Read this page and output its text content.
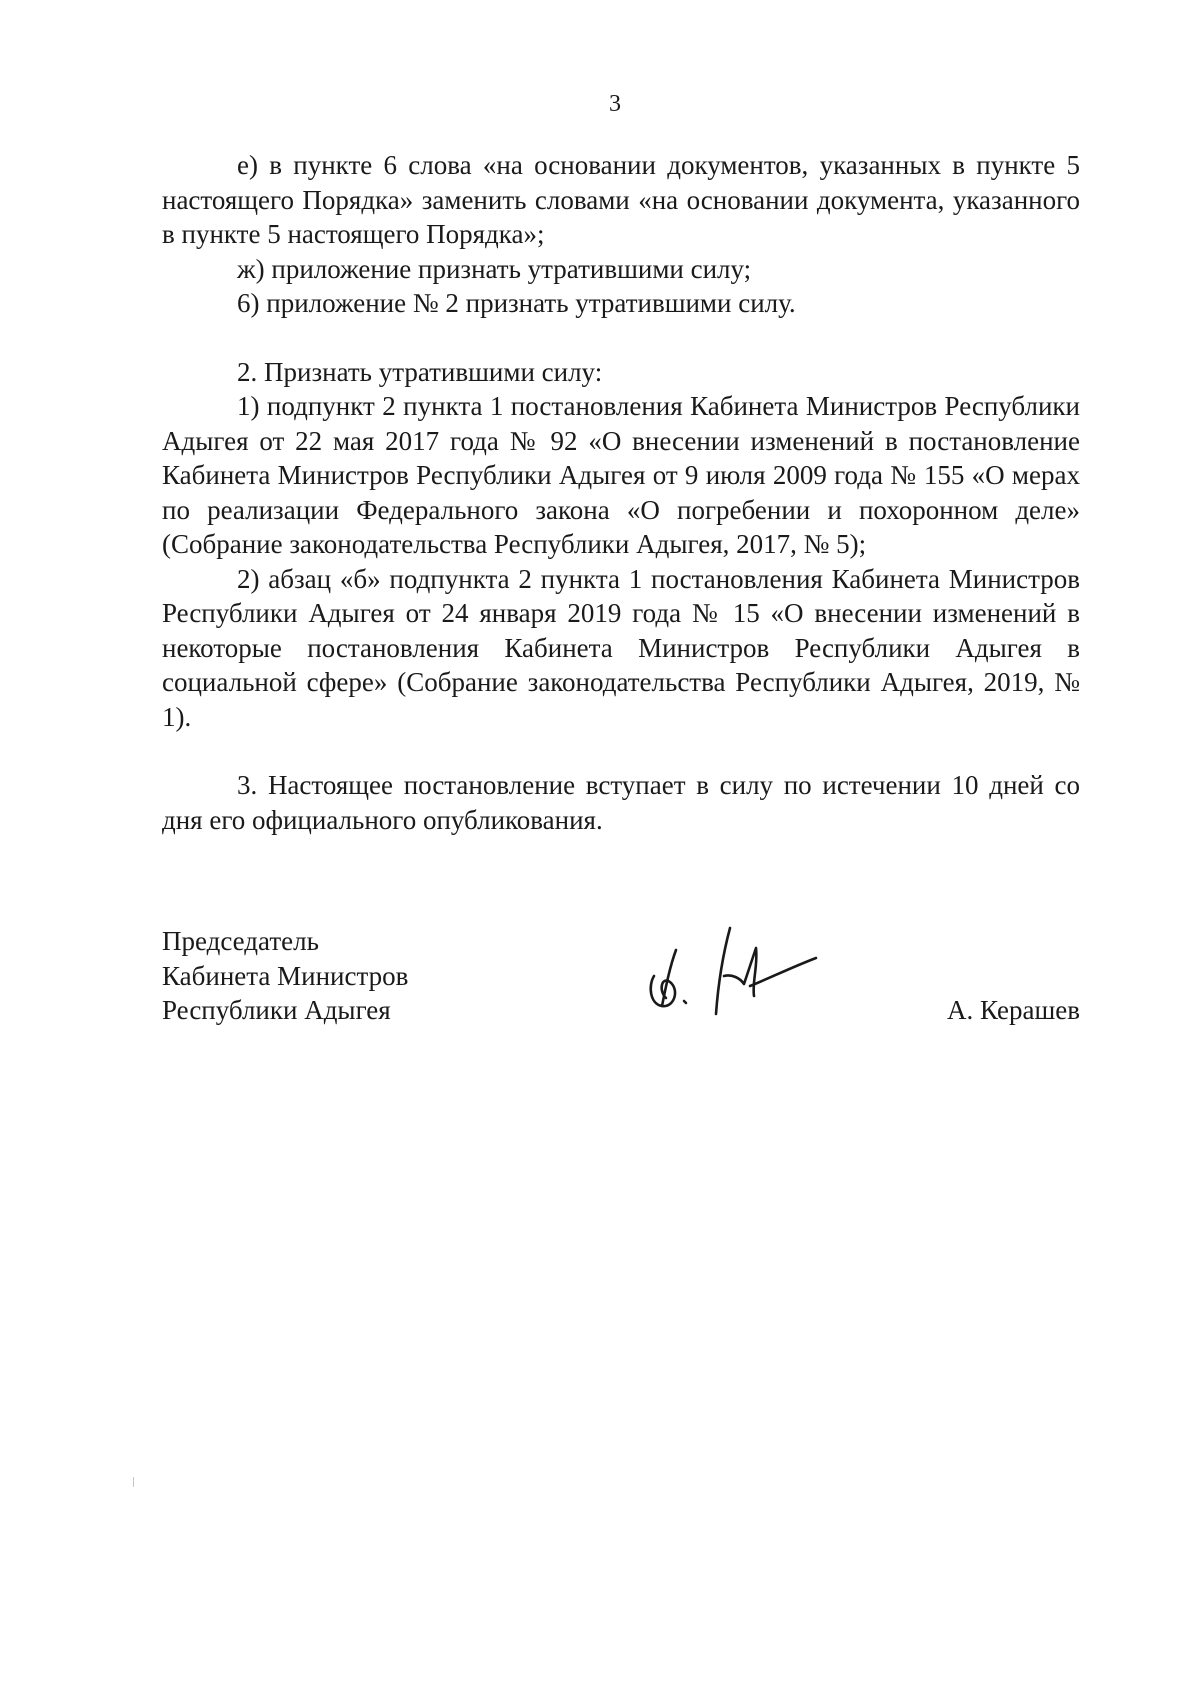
3

е) в пункте 6 слова «на основании документов, указанных в пункте 5 настоящего Порядка» заменить словами «на основании документа, указанного в пункте 5 настоящего Порядка»;

ж) приложение признать утратившими силу;

6) приложение № 2 признать утратившими силу.

2. Признать утратившими силу:

1) подпункт 2 пункта 1 постановления Кабинета Министров Республики Адыгея от 22 мая 2017 года № 92 «О внесении изменений в постановление Кабинета Министров Республики Адыгея от 9 июля 2009 года № 155 «О мерах по реализации Федерального закона «О погребении и похоронном деле» (Собрание законодательства Республики Адыгея, 2017, № 5);

2) абзац «б» подпункта 2 пункта 1 постановления Кабинета Министров Республики Адыгея от 24 января 2019 года № 15 «О внесении изменений в некоторые постановления Кабинета Министров Республики Адыгея в социальной сфере» (Собрание законодательства Республики Адыгея, 2019, № 1).

3. Настоящее постановление вступает в силу по истечении 10 дней со дня его официального опубликования.

Председатель
Кабинета Министров
Республики Адыгея	А. Керашев
